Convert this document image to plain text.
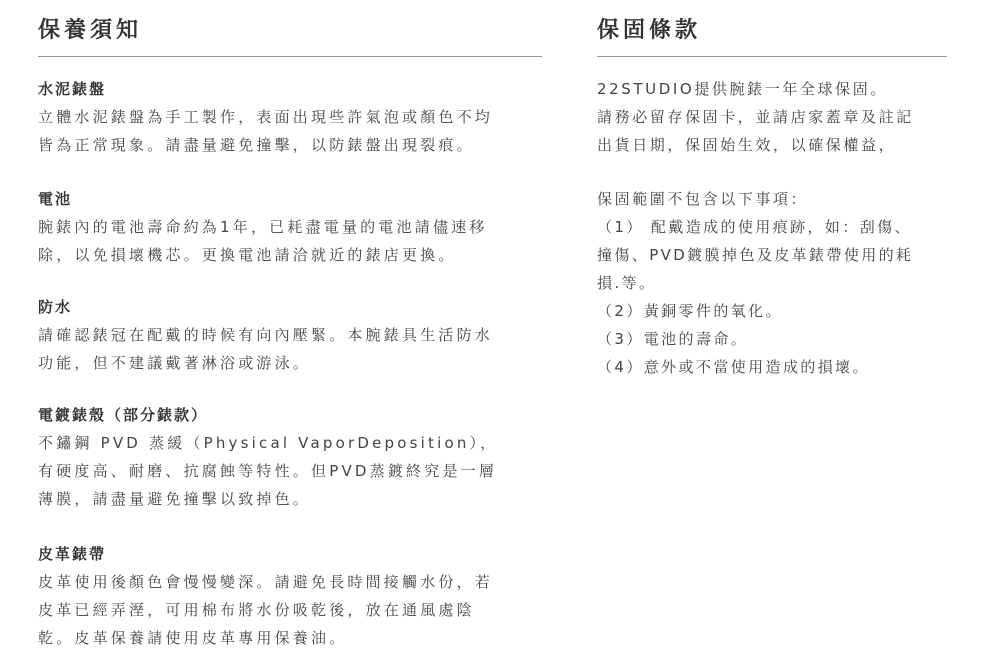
保養須知
水泥錶盤
立體水泥錶盤為手工製作，表面出現些許氣泡或顏色不均
皆為正常現象。請盡量避免撞擊，以防錶盤出現裂痕。
電池
腕錶內的電池壽命約為1年，已耗盡電量的電池請儘速移
除，以免損壞機芯。更換電池請洽就近的錶店更換。
防水
請確認錶冠在配戴的時候有向內壓緊。本腕錶具生活防水
功能，但不建議戴著淋浴或游泳。
電鍍錶殼（部分錶款）
不鏽鋼 PVD 蒸緩（Physical VaporDeposition），
有硬度高、耐磨、抗腐蝕等特性。但PVD蒸鍍終究是一層
薄膜，請盡量避免撞擊以致掉色。
皮革錶帶
皮革使用後顏色會慢慢變深。請避免長時間接觸水份，若
皮革已經弄溼，可用棉布將水份吸乾後，放在通風處陰
乾。皮革保養請使用皮革專用保養油。
保固條款
22STUDIO提供腕錶一年全球保固。
請務必留存保固卡，並請店家蓋章及註記
出貨日期，保固始生效，以確保權益，
保固範圍不包含以下事項：
（1） 配戴造成的使用痕跡，如：刮傷、
撞傷、PVD鍍膜掉色及皮革錶帶使用的耗
損.等。
（2）黃銅零件的氧化。
（3）電池的壽命。
（4）意外或不當使用造成的損壞。
